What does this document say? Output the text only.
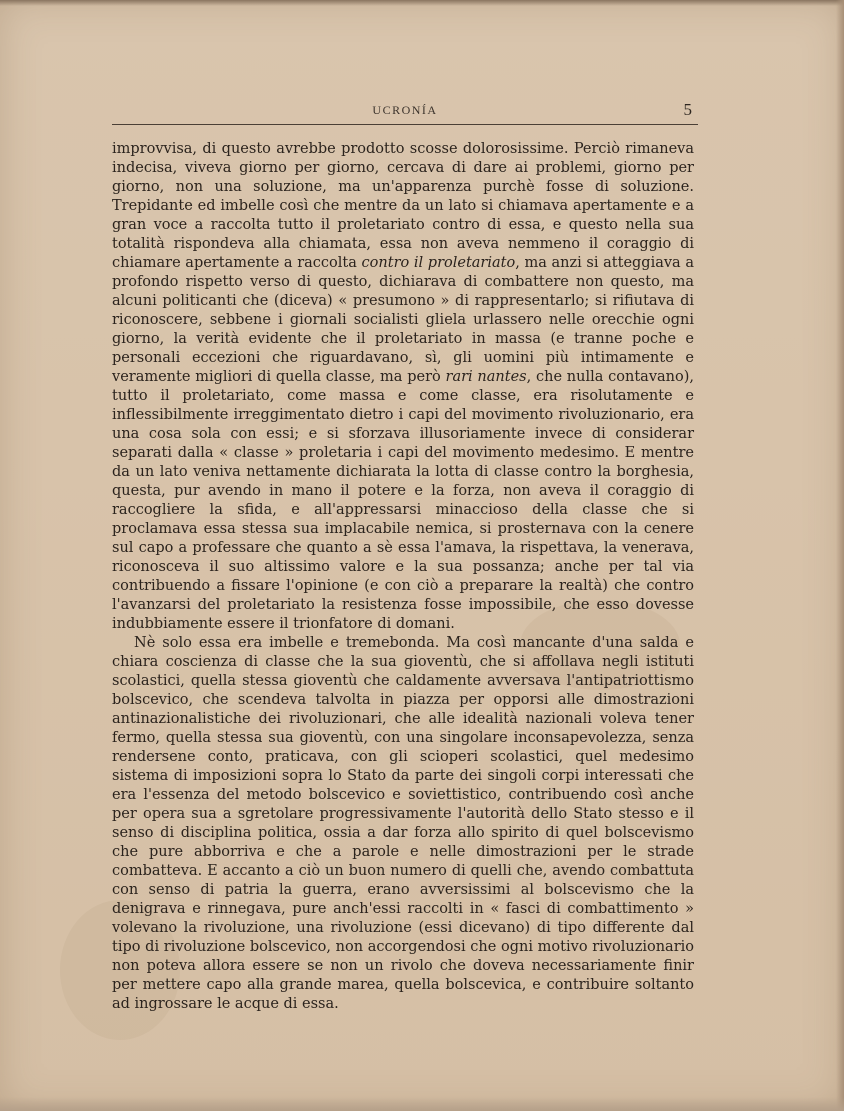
UCRONÍA	5

improvvisa, di questo avrebbe prodotto scosse dolorosissime. Perciò rimaneva indecisa, viveva giorno per giorno, cercava di dare ai problemi, giorno per giorno, non una soluzione, ma un'apparenza purchè fosse di soluzione. Trepidante ed imbelle così che mentre da un lato si chiamava apertamente e a gran voce a raccolta tutto il proletariato contro di essa, e questo nella sua totalità rispondeva alla chiamata, essa non aveva nemmeno il coraggio di chiamare apertamente a raccolta contro il proletariato, ma anzi si atteggiava a profondo rispetto verso di questo, dichiarava di combattere non questo, ma alcuni politicanti che (diceva) « presumono » di rappresentarlo; si rifiutava di riconoscere, sebbene i giornali socialisti gliela urlassero nelle orecchie ogni giorno, la verità evidente che il proletariato in massa (e tranne poche e personali eccezioni che riguardavano, sì, gli uomini più intimamente e veramente migliori di quella classe, ma però rari nantes, che nulla contavano), tutto il proletariato, come massa e come classe, era risolutamente e inflessibilmente irreggimentato dietro i capi del movimento rivoluzionario, era una cosa sola con essi; e si sforzava illusoriamente invece di considerar separati dalla « classe » proletaria i capi del movimento medesimo. E mentre da un lato veniva nettamente dichiarata la lotta di classe contro la borghesia, questa, pur avendo in mano il potere e la forza, non aveva il coraggio di raccogliere la sfida, e all'appressarsi minaccioso della classe che si proclamava essa stessa sua implacabile nemica, si prosternava con la cenere sul capo a professare che quanto a sè essa l'amava, la rispettava, la venerava, riconosceva il suo altissimo valore e la sua possanza; anche per tal via contribuendo a fissare l'opinione (e con ciò a preparare la realtà) che contro l'avanzarsi del proletariato la resistenza fosse impossibile, che esso dovesse indubbiamente essere il trionfatore di domani.

Nè solo essa era imbelle e tremebonda. Ma così mancante d'una salda e chiara coscienza di classe che la sua gioventù, che si affollava negli istituti scolastici, quella stessa gioventù che caldamente avversava l'antipatriottismo bolscevico, che scendeva talvolta in piazza per opporsi alle dimostrazioni antinazionalistiche dei rivoluzionari, che alle idealità nazionali voleva tener fermo, quella stessa sua gioventù, con una singolare inconsapevolezza, senza rendersene conto, praticava, con gli scioperi scolastici, quel medesimo sistema di imposizioni sopra lo Stato da parte dei singoli corpi interessati che era l'essenza del metodo bolscevico e soviettistico, contribuendo così anche per opera sua a sgretolare progressivamente l'autorità dello Stato stesso e il senso di disciplina politica, ossia a dar forza allo spirito di quel bolscevismo che pure abborriva e che a parole e nelle dimostrazioni per le strade combatteva. E accanto a ciò un buon numero di quelli che, avendo combattuta con senso di patria la guerra, erano avversissimi al bolscevismo che la denigrava e rinnegava, pure anch'essi raccolti in « fasci di combattimento » volevano la rivoluzione, una rivoluzione (essi dicevano) di tipo differente dal tipo di rivoluzione bolscevico, non accorgendosi che ogni motivo rivoluzionario non poteva allora essere se non un rivolo che doveva necessariamente finir per mettere capo alla grande marea, quella bolscevica, e contribuire soltanto ad ingrossare le acque di essa.
